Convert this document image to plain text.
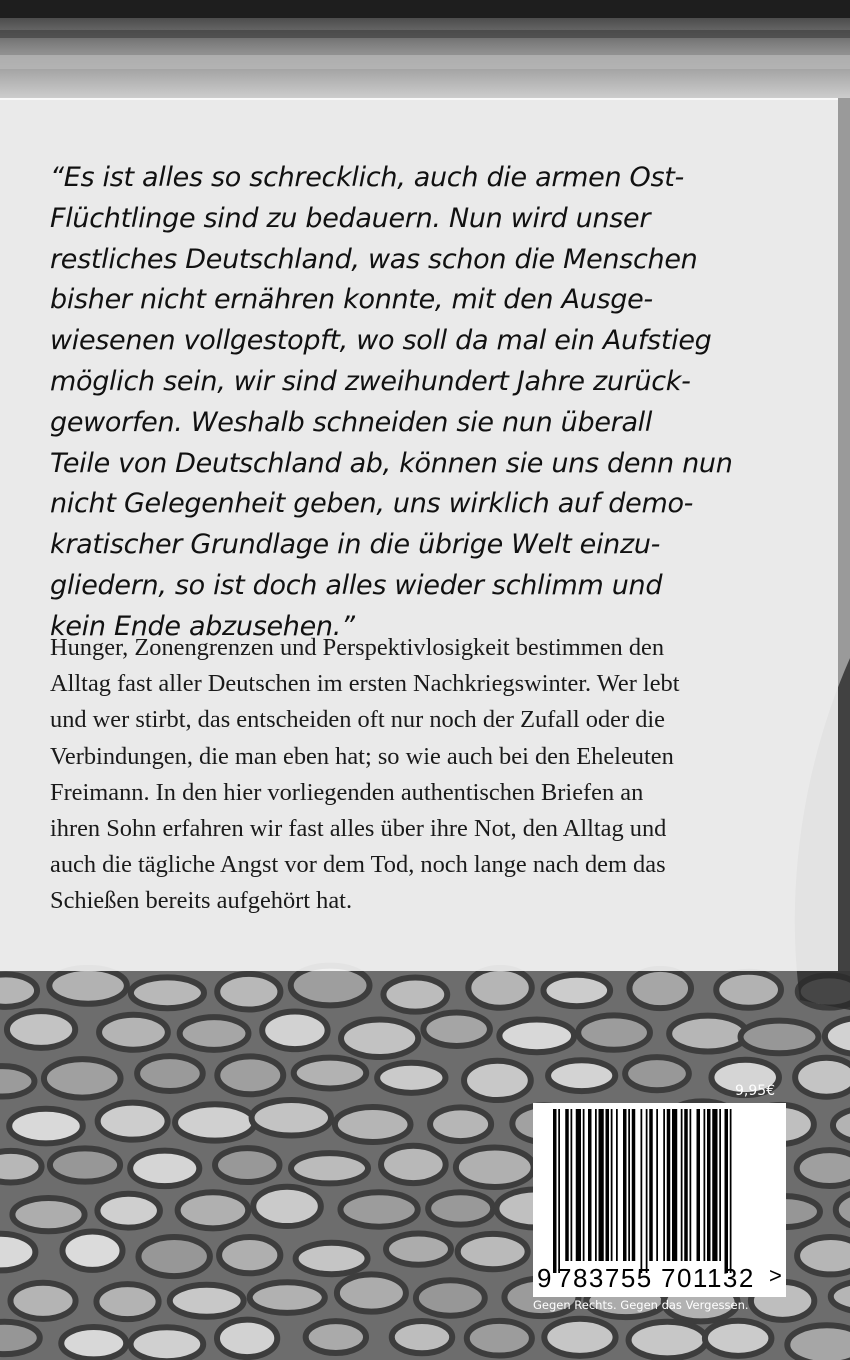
“Es ist alles so schrecklich, auch die armen Ost-
Flüchtlinge sind zu bedauern. Nun wird unser
restliches Deutschland, was schon die Menschen
bisher nicht ernähren konnte, mit den Ausge-
wiesenen vollgestopft, wo soll da mal ein Aufstieg
möglich sein, wir sind zweihundert Jahre zurück-
geworfen. Weshalb schneiden sie nun überall
Teile von Deutschland ab, können sie uns denn nun
nicht Gelegenheit geben, uns wirklich auf demo-
kratischer Grundlage in die übrige Welt einzu-
gliedern, so ist doch alles wieder schlimm und
kein Ende abzusehen.”

Hunger, Zonengrenzen und Perspektivlosigkeit bestimmen den
Alltag fast aller Deutschen im ersten Nachkriegswinter. Wer lebt
und wer stirbt, das entscheiden oft nur noch der Zufall oder die
Verbindungen, die man eben hat; so wie auch bei den Eheleuten
Freimann. In den hier vorliegenden authentischen Briefen an
ihren Sohn erfahren wir fast alles über ihre Not, den Alltag und
auch die tägliche Angst vor dem Tod, noch lange nach dem das
Schießen bereits aufgehört hat.

9,95€
9 783755 701132 >
Gegen Rechts. Gegen das Vergessen.
